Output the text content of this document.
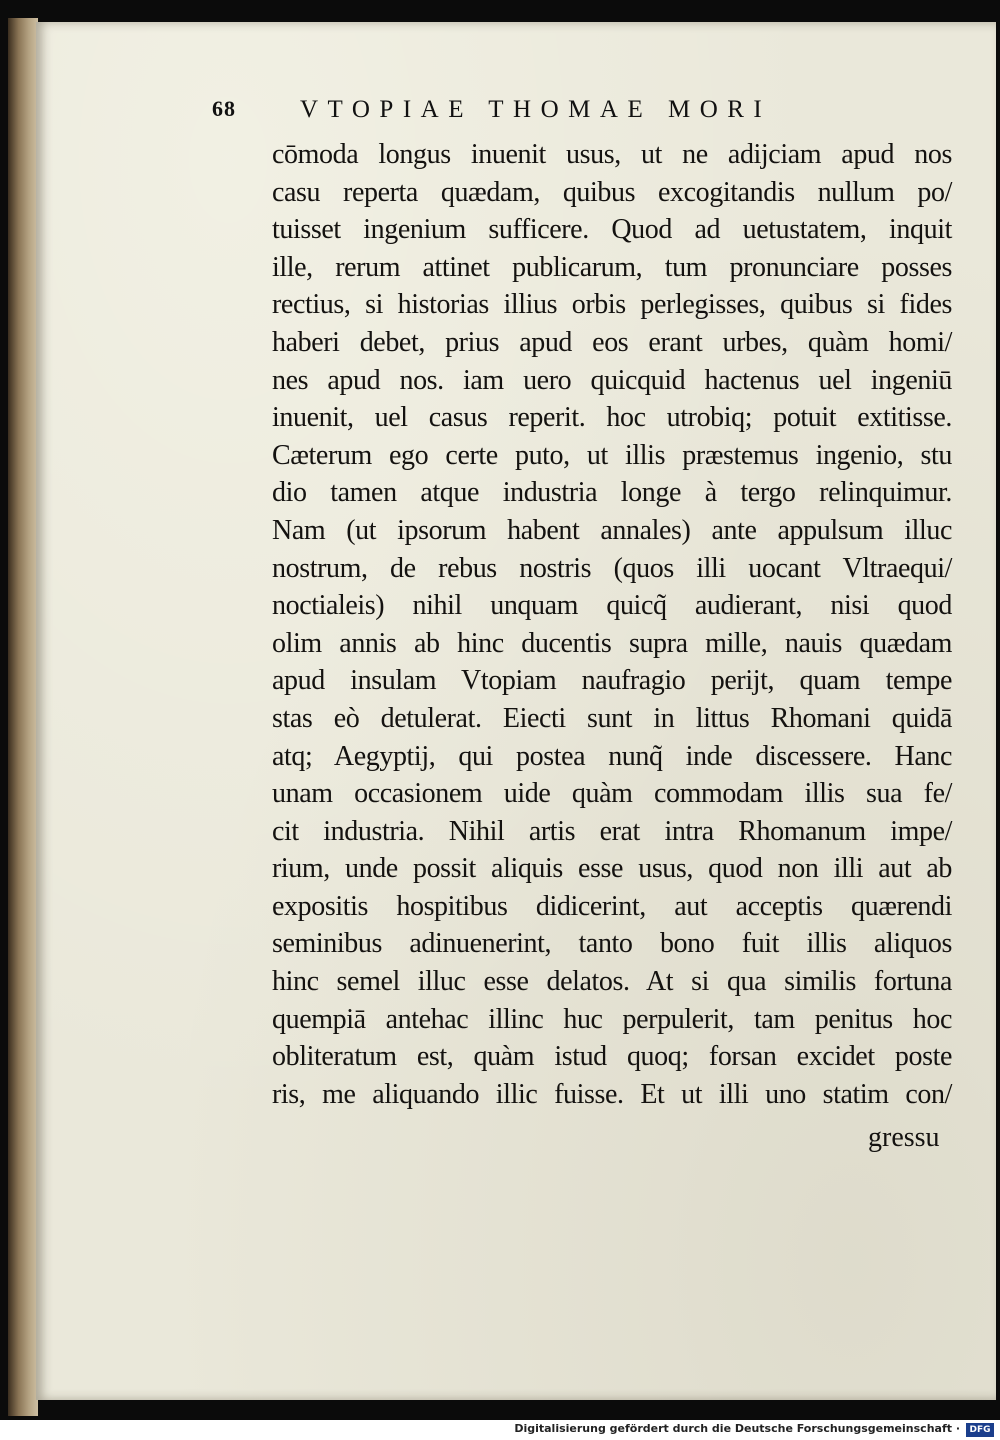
68	VTOPIAE THOMAE MORI
cōmoda longus inuenit usus, ut ne adijciam apud nos
casu reperta quædam, quibus excogitandis nullum po/
tuisset ingenium sufficere. Quod ad uetustatem, inquit
ille, rerum attinet publicarum, tum pronunciare posses
rectius, si historias illius orbis perlegisses, quibus si fides
haberi debet, prius apud eos erant urbes, quàm homi/
nes apud nos. iam uero quicquid hactenus uel ingeniū
inuenit, uel casus reperit. hoc utrobiq; potuit extitisse.
Cæterum ego certe puto, ut illis præstemus ingenio, stu
dio tamen atque industria longe à tergo relinquimur.
Nam (ut ipsorum habent annales) ante appulsum illuc
nostrum, de rebus nostris (quos illi uocant Vltraequi/
noctialeis) nihil unquam quicq̃ audierant, nisi quod
olim annis ab hinc ducentis supra mille, nauis quædam
apud insulam Vtopiam naufragio perijt, quam tempe
stas eò detulerat. Eiecti sunt in littus Rhomani quidā
atq; Aegyptij, qui postea nunq̃ inde discessere. Hanc
unam occasionem uide quàm commodam illis sua fe/
cit industria. Nihil artis erat intra Rhomanum impe/
rium, unde possit aliquis esse usus, quod non illi aut ab
expositis hospitibus didicerint, aut acceptis quærendi
seminibus adinuenerint, tanto bono fuit illis aliquos
hinc semel illuc esse delatos. At si qua similis fortuna
quempiā antehac illinc huc perpulerit, tam penitus hoc
obliteratum est, quàm istud quoq; forsan excidet poste
ris, me aliquando illic fuisse. Et ut illi uno statim con/
gressu
Digitalisierung gefördert durch die Deutsche Forschungsgemeinschaft ·	DFG
